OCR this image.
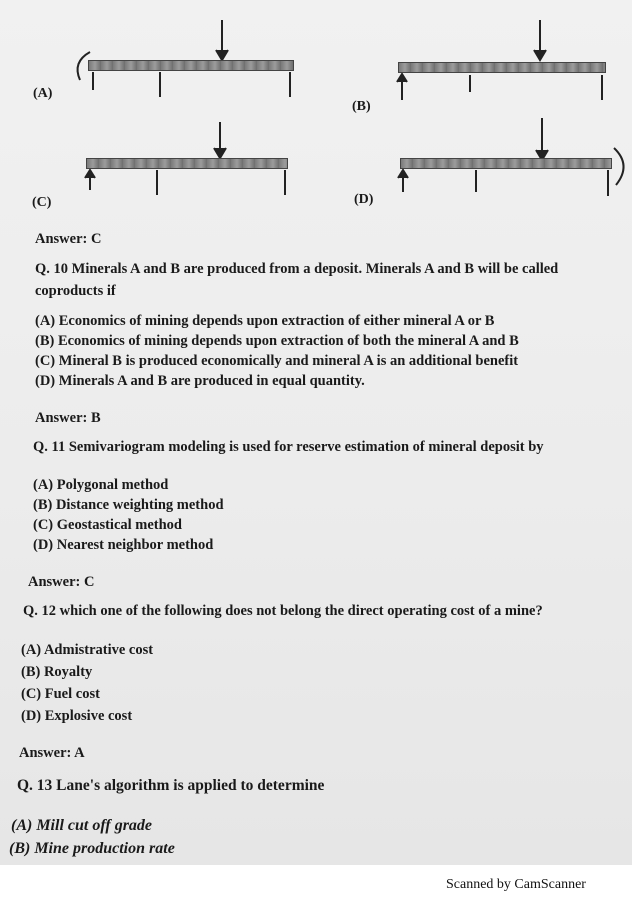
(A)
(B)
(C)	(D)
Answer: C
Q. 10 Minerals A and B are produced from a deposit. Minerals A and B will be called
coproducts if
(A) Economics of mining depends upon extraction of either mineral A or B
(B) Economics of mining depends upon extraction of both the mineral A and B
(C) Mineral B is produced economically and mineral A is an additional benefit
(D) Minerals A and B are produced in equal quantity.
Answer: B
Q. 11 Semivariogram modeling is used for reserve estimation of mineral deposit by
(A) Polygonal method
(B) Distance weighting method
(C) Geostastical method
(D) Nearest neighbor method
Answer: C
Q. 12 which one of the following does not belong the direct operating cost of a mine?
(A) Admistrative cost
(B) Royalty
(C) Fuel cost
(D) Explosive cost
Answer: A
Q. 13 Lane's algorithm is applied to determine
(A) Mill cut off grade
(B) Mine production rate
Scanned by CamScanner
